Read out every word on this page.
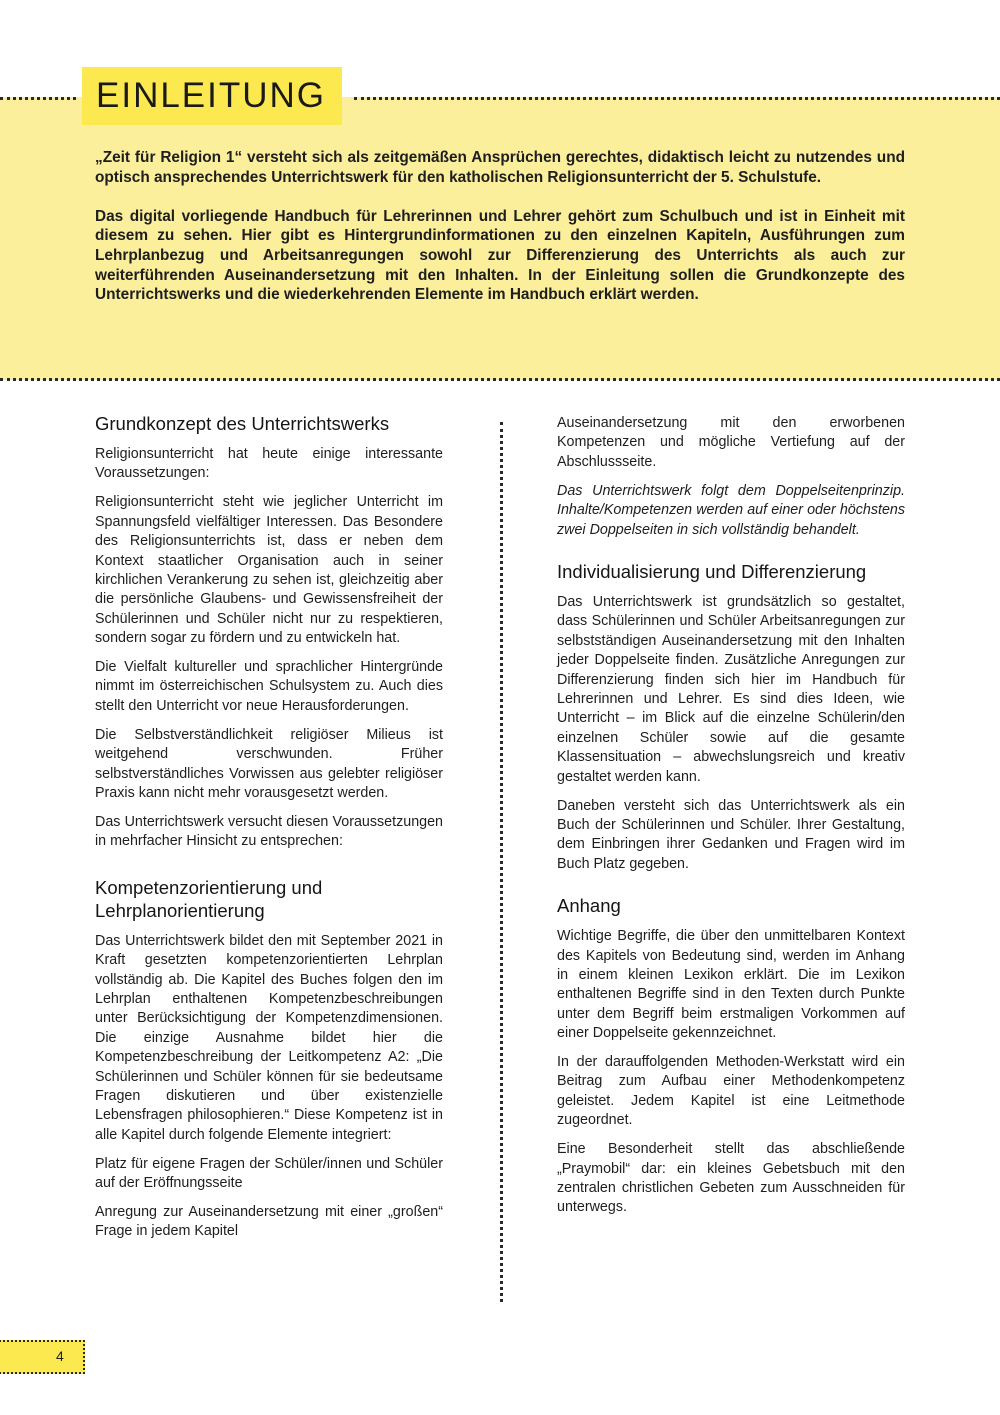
EINLEITUNG

„Zeit für Religion 1“ versteht sich als zeitgemäßen Ansprüchen gerechtes, didaktisch leicht zu nutzendes und optisch ansprechendes Unterrichtswerk für den katholischen Religionsunterricht der 5. Schulstufe.

Das digital vorliegende Handbuch für Lehrerinnen und Lehrer gehört zum Schulbuch und ist in Einheit mit diesem zu sehen. Hier gibt es Hintergrundinformationen zu den einzelnen Kapiteln, Ausführungen zum Lehrplanbezug und Arbeitsanregungen sowohl zur Differenzierung des Unterrichts als auch zur weiterführenden Auseinandersetzung mit den Inhalten. In der Einleitung sollen die Grundkonzepte des Unterrichtswerks und die wiederkehrenden Elemente im Handbuch erklärt werden.

Grundkonzept des Unterrichtswerks

Religionsunterricht hat heute einige interessante Voraussetzungen:

Religionsunterricht steht wie jeglicher Unterricht im Spannungsfeld vielfältiger Interessen. Das Besondere des Religionsunterrichts ist, dass er neben dem Kontext staatlicher Organisation auch in seiner kirchlichen Verankerung zu sehen ist, gleichzeitig aber die persönliche Glaubens- und Gewissensfreiheit der Schülerinnen und Schüler nicht nur zu respektieren, sondern sogar zu fördern und zu entwickeln hat.

Die Vielfalt kultureller und sprachlicher Hintergründe nimmt im österreichischen Schulsystem zu. Auch dies stellt den Unterricht vor neue Herausforderungen.

Die Selbstverständlichkeit religiöser Milieus ist weitgehend verschwunden. Früher selbstverständliches Vorwissen aus gelebter religiöser Praxis kann nicht mehr vorausgesetzt werden.

Das Unterrichtswerk versucht diesen Voraussetzungen in mehrfacher Hinsicht zu entsprechen:

Kompetenzorientierung und Lehrplanorientierung

Das Unterrichtswerk bildet den mit September 2021 in Kraft gesetzten kompetenzorientierten Lehrplan vollständig ab. Die Kapitel des Buches folgen den im Lehrplan enthaltenen Kompetenzbeschreibungen unter Berücksichtigung der Kompetenzdimensionen. Die einzige Ausnahme bildet hier die Kompetenzbeschreibung der Leitkompetenz A2: „Die Schülerinnen und Schüler können für sie bedeutsame Fragen diskutieren und über existenzielle Lebensfragen philosophieren.“ Diese Kompetenz ist in alle Kapitel durch folgende Elemente integriert:

Platz für eigene Fragen der Schüler/innen und Schüler auf der Eröffnungsseite

Anregung zur Auseinandersetzung mit einer „großen“ Frage in jedem Kapitel

Auseinandersetzung mit den erworbenen Kompetenzen und mögliche Vertiefung auf der Abschlussseite.

Das Unterrichtswerk folgt dem Doppelseitenprinzip. Inhalte/Kompetenzen werden auf einer oder höchstens zwei Doppelseiten in sich vollständig behandelt.

Individualisierung und Differenzierung

Das Unterrichtswerk ist grundsätzlich so gestaltet, dass Schülerinnen und Schüler Arbeitsanregungen zur selbstständigen Auseinandersetzung mit den Inhalten jeder Doppelseite finden. Zusätzliche Anregungen zur Differenzierung finden sich hier im Handbuch für Lehrerinnen und Lehrer. Es sind dies Ideen, wie Unterricht – im Blick auf die einzelne Schülerin/den einzelnen Schüler sowie auf die gesamte Klassensituation – abwechslungsreich und kreativ gestaltet werden kann.

Daneben versteht sich das Unterrichtswerk als ein Buch der Schülerinnen und Schüler. Ihrer Gestaltung, dem Einbringen ihrer Gedanken und Fragen wird im Buch Platz gegeben.

Anhang

Wichtige Begriffe, die über den unmittelbaren Kontext des Kapitels von Bedeutung sind, werden im Anhang in einem kleinen Lexikon erklärt. Die im Lexikon enthaltenen Begriffe sind in den Texten durch Punkte unter dem Begriff beim erstmaligen Vorkommen auf einer Doppelseite gekennzeichnet.

In der darauffolgenden Methoden-Werkstatt wird ein Beitrag zum Aufbau einer Methodenkompetenz geleistet. Jedem Kapitel ist eine Leitmethode zugeordnet.

Eine Besonderheit stellt das abschließende „Praymobil“ dar: ein kleines Gebetsbuch mit den zentralen christlichen Gebeten zum Ausschneiden für unterwegs.

4
